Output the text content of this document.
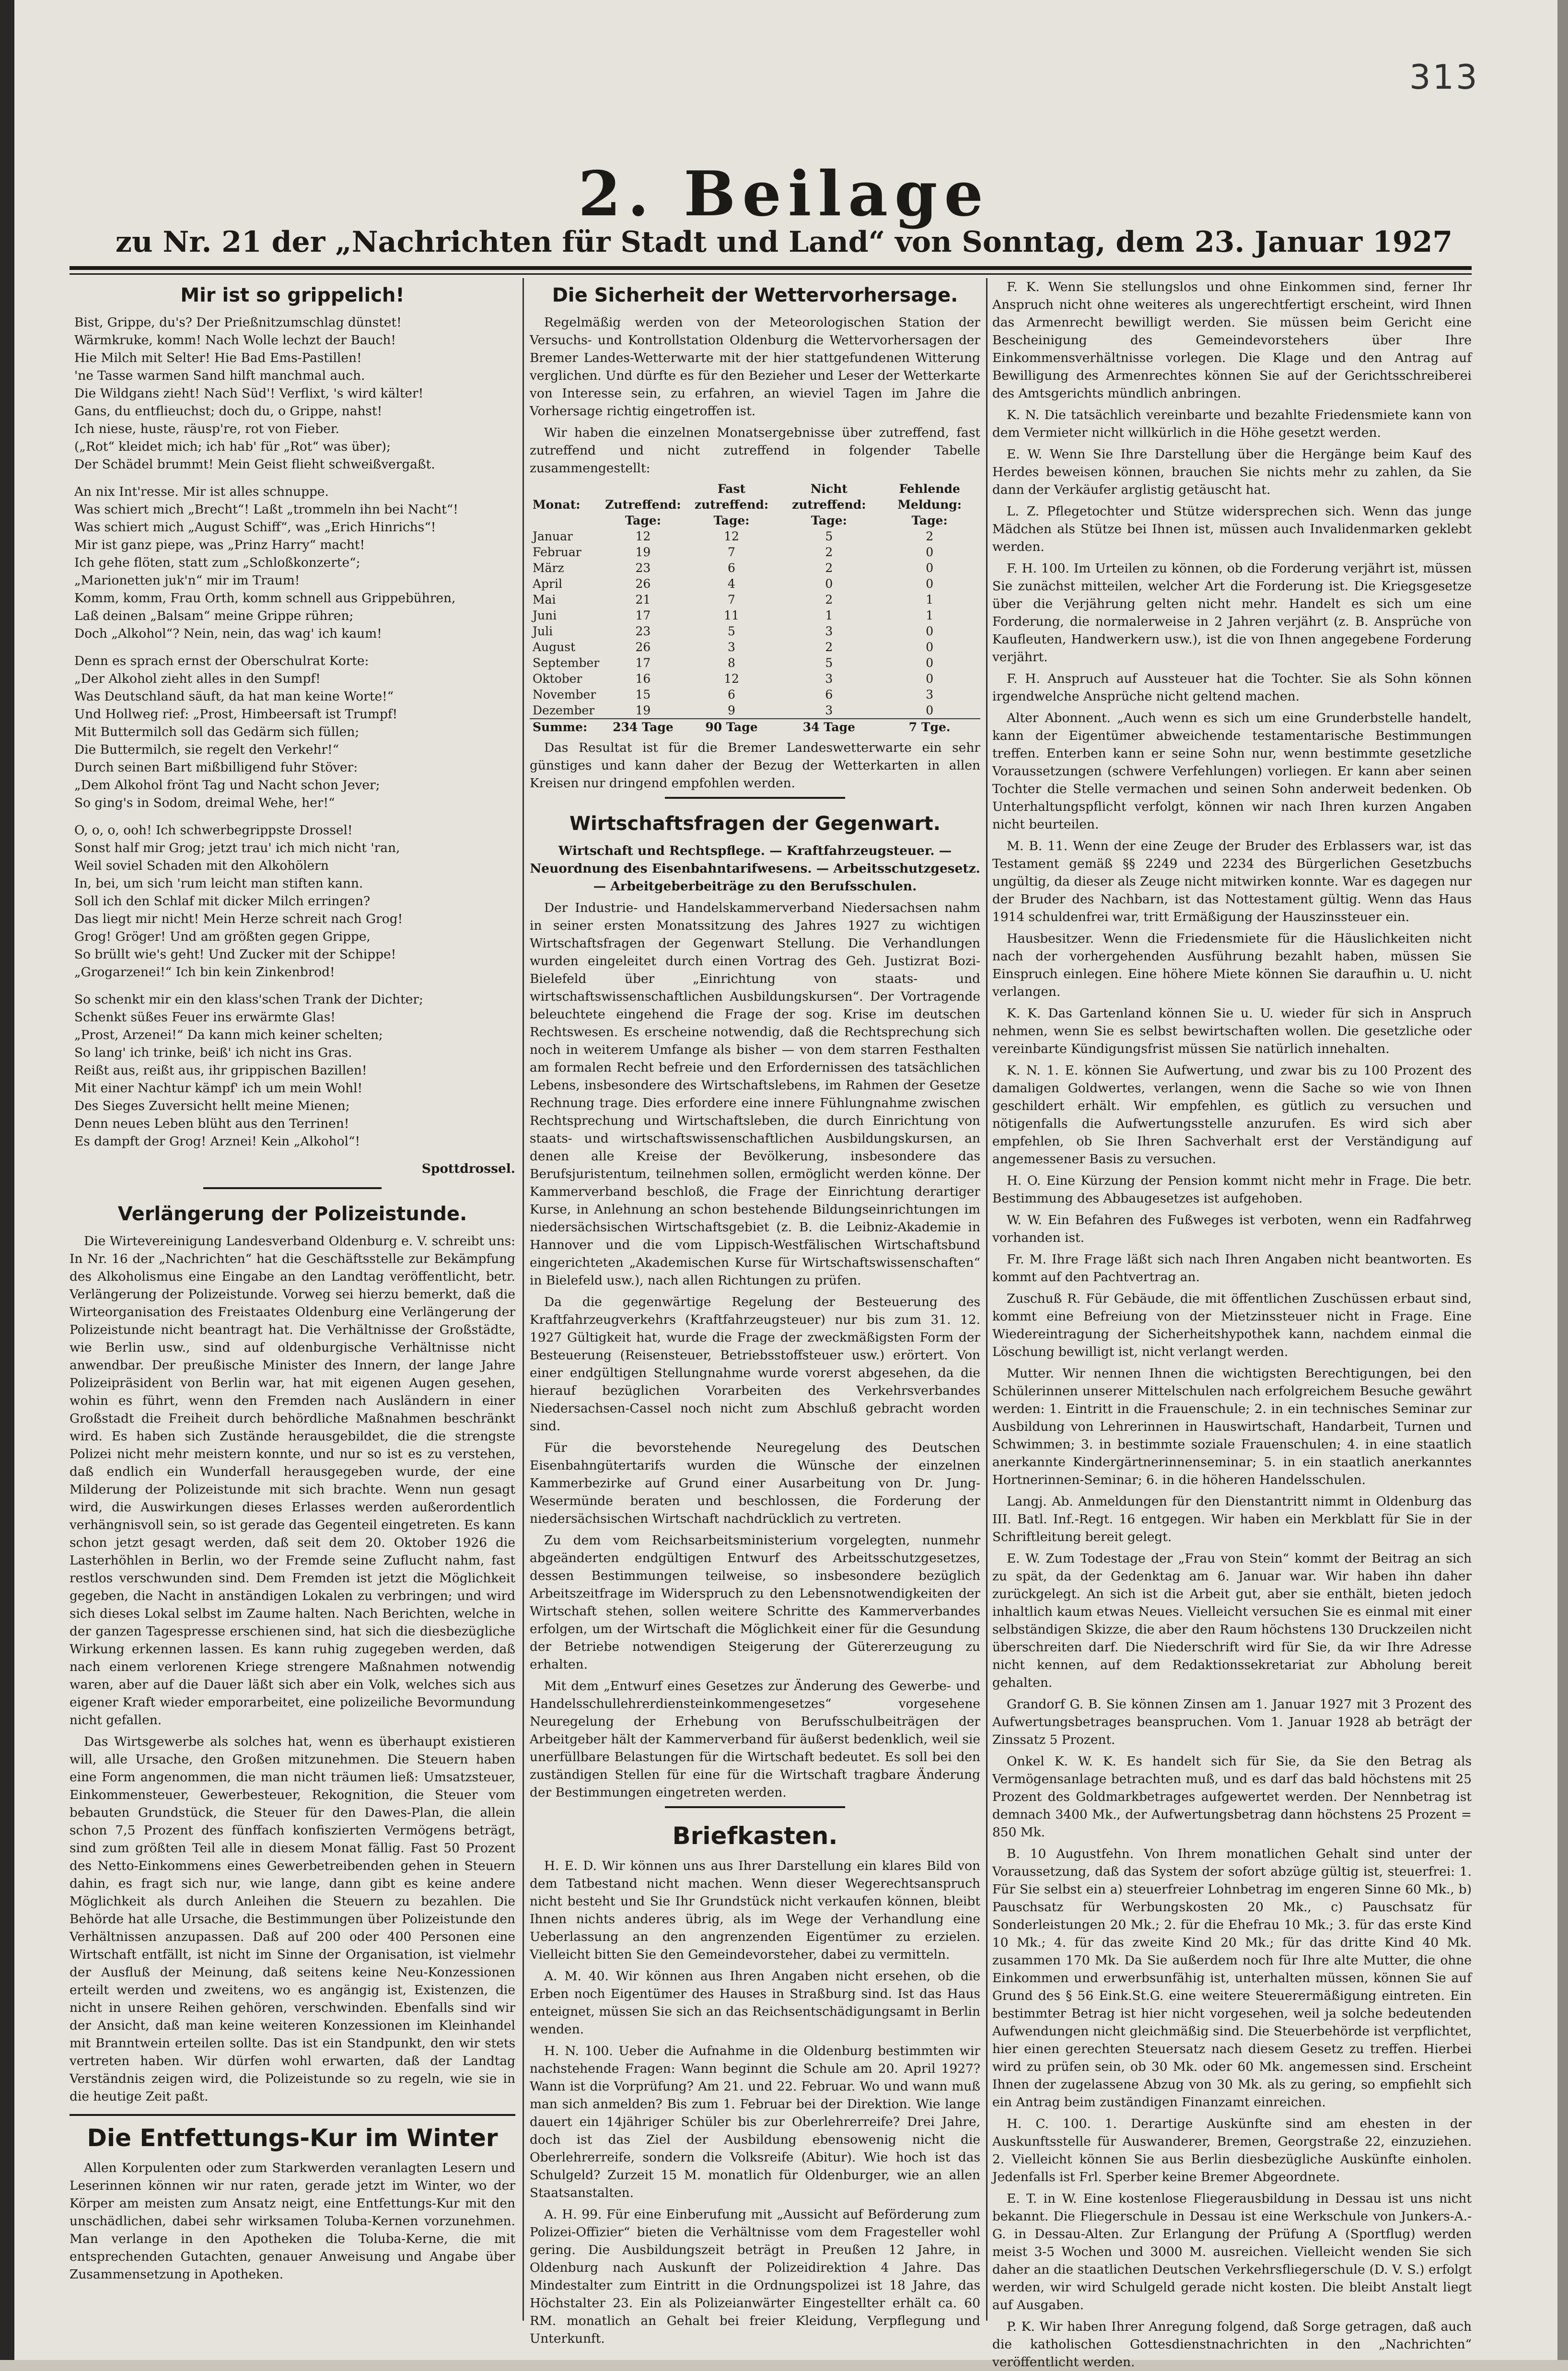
313
2. Beilage
zu Nr. 21 der „Nachrichten für Stadt und Land“ von Sonntag, dem 23. Januar 1927
Mir ist so grippelich!

Bist, Grippe, du's? Der Prießnitzumschlag dünstet!
Wärmkruke, komm! Nach Wolle lechzt der Bauch!
Hie Milch mit Selter! Hie Bad Ems-Pastillen!
'ne Tasse warmen Sand hilft manchmal auch.
Die Wildgans zieht! Nach Süd'! Verflixt, 's wird kälter!
Gans, du entflieuchst; doch du, o Grippe, nahst!
Ich niese, huste, räusp're, rot von Fieber.
(„Rot“ kleidet mich; ich hab' für „Rot“ was über);
Der Schädel brummt! Mein Geist flieht schweißvergaßt.

An nix Int'resse. Mir ist alles schnuppe.
Was schiert mich „Brecht“! Laßt „trommeln ihn bei Nacht“!
Was schiert mich „August Schiff“, was „Erich Hinrichs“!
Mir ist ganz piepe, was „Prinz Harry“ macht!
Ich gehe flöten, statt zum „Schloßkonzerte“;
„Marionetten juk'n“ mir im Traum!
Komm, komm, Frau Orth, komm schnell aus Grippebühren,
Laß deinen „Balsam“ meine Grippe rühren;
Doch „Alkohol“? Nein, nein, das wag' ich kaum!

Denn es sprach ernst der Oberschulrat Korte:
„Der Alkohol zieht alles in den Sumpf!
Was Deutschland säuft, da hat man keine Worte!“
Und Hollweg rief: „Prost, Himbeersaft ist Trumpf!
Mit Buttermilch soll das Gedärm sich füllen;
Die Buttermilch, sie regelt den Verkehr!“
Durch seinen Bart mißbilligend fuhr Stöver:
„Dem Alkohol frönt Tag und Nacht schon Jever;
So ging's in Sodom, dreimal Wehe, her!“

O, o, o, ooh! Ich schwerbegrippste Drossel!
Sonst half mir Grog; jetzt trau' ich mich nicht 'ran,
Weil soviel Schaden mit den Alkohölern
In, bei, um sich 'rum leicht man stiften kann.
Soll ich den Schlaf mit dicker Milch erringen?
Das liegt mir nicht! Mein Herze schreit nach Grog!
Grog! Gröger! Und am größten gegen Grippe,
So brüllt wie's geht! Und Zucker mit der Schippe!
„Grogarzenei!“ Ich bin kein Zinkenbrod!

So schenkt mir ein den klass'schen Trank der Dichter;
Schenkt süßes Feuer ins erwärmte Glas!
„Prost, Arzenei!“ Da kann mich keiner schelten;
So lang' ich trinke, beiß' ich nicht ins Gras.
Reißt aus, reißt aus, ihr grippischen Bazillen!
Mit einer Nachtur kämpf' ich um mein Wohl!
Des Sieges Zuversicht hellt meine Mienen;
Denn neues Leben blüht aus den Terrinen!
Es dampft der Grog! Arznei! Kein „Alkohol“!

Spottdrossel.
Verlängerung der Polizeistunde.

Die Wirtevereinigung Landesverband Oldenburg e. V. schreibt uns: In Nr. 16 der „Nachrichten“ hat die Geschäftsstelle zur Bekämpfung des Alkoholismus eine Eingabe an den Landtag veröffentlicht, betr. Verlängerung der Polizeistunde. Vorweg sei hierzu bemerkt, daß die Wirteorganisation des Freistaates Oldenburg eine Verlängerung der Polizeistunde nicht beantragt hat. Die Verhältnisse der Großstädte, wie Berlin usw., sind auf oldenburgische Verhältnisse nicht anwendbar. Der preußische Minister des Innern, der lange Jahre Polizeipräsident von Berlin war, hat mit eigenen Augen gesehen, wohin es führt, wenn den Fremden nach Ausländern in einer Großstadt die Freiheit durch behördliche Maßnahmen beschränkt wird. Es haben sich Zustände herausgebildet, die die strengste Polizei nicht mehr meistern konnte, und nur so ist es zu verstehen, daß endlich ein Wunderfall herausgegeben wurde, der eine Milderung der Polizeistunde mit sich brachte. Wenn nun gesagt wird, die Auswirkungen dieses Erlasses werden außerordentlich verhängnisvoll sein, so ist gerade das Gegenteil eingetreten. Es kann schon jetzt gesagt werden, daß seit dem 20. Oktober 1926 die Lasterhöhlen in Berlin, wo der Fremde seine Zuflucht nahm, fast restlos verschwunden sind. Dem Fremden ist jetzt die Möglichkeit gegeben, die Nacht in anständigen Lokalen zu verbringen; und wird sich dieses Lokal selbst im Zaume halten. Nach Berichten, welche in der ganzen Tagespresse erschienen sind, hat sich die diesbezügliche Wirkung erkennen lassen. Es kann ruhig zugegeben werden, daß nach einem verlorenen Kriege strengere Maßnahmen notwendig waren, aber auf die Dauer läßt sich aber ein Volk, welches sich aus eigener Kraft wieder emporarbeitet, eine polizeiliche Bevormundung nicht gefallen.

Das Wirtsgewerbe als solches hat, wenn es überhaupt existieren will, alle Ursache, den Großen mitzunehmen. Die Steuern haben eine Form angenommen, die man nicht träumen ließ: Umsatzsteuer, Einkommensteuer, Gewerbesteuer, Rekognition, die Steuer vom bebauten Grundstück, die Steuer für den Dawes-Plan, die allein schon 7,5 Prozent des fünffach konfiszierten Vermögens beträgt, sind zum größten Teil alle in diesem Monat fällig. Fast 50 Prozent des Netto-Einkommens eines Gewerbetreibenden gehen in Steuern dahin, es fragt sich nur, wie lange, dann gibt es keine andere Möglichkeit als durch Anleihen die Steuern zu bezahlen. Die Behörde hat alle Ursache, die Bestimmungen über Polizeistunde den Verhältnissen anzupassen. Daß auf 200 oder 400 Personen eine Wirtschaft entfällt, ist nicht im Sinne der Organisation, ist vielmehr der Ausfluß der Meinung, daß seitens keine Neu-Konzessionen erteilt werden und zweitens, wo es angängig ist, Existenzen, die nicht in unsere Reihen gehören, verschwinden. Ebenfalls sind wir der Ansicht, daß man keine weiteren Konzessionen im Kleinhandel mit Branntwein erteilen sollte. Das ist ein Standpunkt, den wir stets vertreten haben. Wir dürfen wohl erwarten, daß der Landtag Verständnis zeigen wird, die Polizeistunde so zu regeln, wie sie in die heutige Zeit paßt.

Die Entfettungs-Kur im Winter

Allen Korpulenten oder zum Starkwerden veranlagten Lesern und Leserinnen können wir nur raten, gerade jetzt im Winter, wo der Körper am meisten zum Ansatz neigt, eine Entfettungs-Kur mit den unschädlichen, dabei sehr wirksamen Toluba-Kernen vorzunehmen. Man verlange in den Apotheken die Toluba-Kerne, die mit entsprechenden Gutachten, genauer Anweisung und Angabe über Zusammensetzung in Apotheken.

Die Sicherheit der Wettervorhersage.

Regelmäßig werden von der Meteorologischen Station der Versuchs- und Kontrollstation Oldenburg die Wettervorhersagen der Bremer Landes-Wetterwarte mit der hier stattgefundenen Witterung verglichen. Und dürfte es für den Bezieher und Leser der Wetterkarte von Interesse sein, zu erfahren, an wieviel Tagen im Jahre die Vorhersage richtig eingetroffen ist.

Wir haben die einzelnen Monatsergebnisse über zutreffend, fast zutreffend und nicht zutreffend in folgender Tabelle zusammengestellt:

Monat:	Zutreffend:	Fast zutreffend:	Nicht zutreffend:	Fehlende Meldung:
	Tage:	Tage:	Tage:	Tage:
Januar	12	12	5	2
Februar	19	7	2	0
März	23	6	2	0
April	26	4	0	0
Mai	21	7	2	1
Juni	17	11	1	1
Juli	23	5	3	0
August	26	3	2	0
September	17	8	5	0
Oktober	16	12	3	0
November	15	6	6	3
Dezember	19	9	3	0
Summe:	234 Tage	90 Tage	34 Tage	7 Tge.

Das Resultat ist für die Bremer Landeswetterwarte ein sehr günstiges und kann daher der Bezug der Wetterkarten in allen Kreisen nur dringend empfohlen werden.

Wirtschaftsfragen der Gegenwart.
Wirtschaft und Rechtspflege. — Kraftfahrzeugsteuer. — Neuordnung des Eisenbahntarifwesens. — Arbeitsschutzgesetz. — Arbeitgeberbeiträge zu den Berufsschulen.

Der Industrie- und Handelskammerverband Niedersachsen nahm in seiner ersten Monatssitzung des Jahres 1927 zu wichtigen Wirtschaftsfragen der Gegenwart Stellung. Die Verhandlungen wurden eingeleitet durch einen Vortrag des Geh. Justizrat Bozi-Bielefeld über „Einrichtung von staats- und wirtschaftswissenschaftlichen Ausbildungskursen“. Der Vortragende beleuchtete eingehend die Frage der sog. Krise im deutschen Rechtswesen. Es erscheine notwendig, daß die Rechtsprechung sich noch in weiterem Umfange als bisher — von dem starren Festhalten am formalen Recht befreie und den Erfordernissen des tatsächlichen Lebens, insbesondere des Wirtschaftslebens, im Rahmen der Gesetze Rechnung trage. Dies erfordere eine innere Fühlungnahme zwischen Rechtsprechung und Wirtschaftsleben, die durch Einrichtung von staats- und wirtschaftswissenschaftlichen Ausbildungskursen, an denen alle Kreise der Bevölkerung, insbesondere das Berufsjuristentum, teilnehmen sollen, ermöglicht werden könne. Der Kammerverband beschloß, die Frage der Einrichtung derartiger Kurse, in Anlehnung an schon bestehende Bildungseinrichtungen im niedersächsischen Wirtschaftsgebiet (z. B. die Leibniz-Akademie in Hannover und die vom Lippisch-Westfälischen Wirtschaftsbund eingerichteten „Akademischen Kurse für Wirtschaftswissenschaften“ in Bielefeld usw.), nach allen Richtungen zu prüfen.

Da die gegenwärtige Regelung der Besteuerung des Kraftfahrzeugverkehrs (Kraftfahrzeugsteuer) nur bis zum 31. 12. 1927 Gültigkeit hat, wurde die Frage der zweckmäßigsten Form der Besteuerung (Reisensteuer, Betriebsstoffsteuer usw.) erörtert. Von einer endgültigen Stellungnahme wurde vorerst abgesehen, da die hierauf bezüglichen Vorarbeiten des Verkehrsverbandes Niedersachsen-Cassel noch nicht zum Abschluß gebracht worden sind.

Für die bevorstehende Neuregelung des Deutschen Eisenbahngütertarifs wurden die Wünsche der einzelnen Kammerbezirke auf Grund einer Ausarbeitung von Dr. Jung-Wesermünde beraten und beschlossen, die Forderung der niedersächsischen Wirtschaft nachdrücklich zu vertreten.

Zu dem vom Reichsarbeitsministerium vorgelegten, nunmehr abgeänderten endgültigen Entwurf des Arbeitsschutzgesetzes, dessen Bestimmungen teilweise, so insbesondere bezüglich Arbeitszeitfrage im Widerspruch zu den Lebensnotwendigkeiten der Wirtschaft stehen, sollen weitere Schritte des Kammerverbandes erfolgen, um der Wirtschaft die Möglichkeit einer für die Gesundung der Betriebe notwendigen Steigerung der Gütererzeugung zu erhalten.

Mit dem „Entwurf eines Gesetzes zur Änderung des Gewerbe- und Handelsschullehrerdiensteinkommengesetzes“ vorgesehene Neuregelung der Erhebung von Berufsschulbeiträgen der Arbeitgeber hält der Kammerverband für äußerst bedenklich, weil sie unerfüllbare Belastungen für die Wirtschaft bedeutet. Es soll bei den zuständigen Stellen für eine für die Wirtschaft tragbare Änderung der Bestimmungen eingetreten werden.

Briefkasten.

H. E. D. Wir können uns aus Ihrer Darstellung ein klares Bild von dem Tatbestand nicht machen. Wenn dieser Wegerechtsanspruch nicht besteht und Sie Ihr Grundstück nicht verkaufen können, bleibt Ihnen nichts anderes übrig, als im Wege der Verhandlung eine Ueberlassung an den angrenzenden Eigentümer zu erzielen. Vielleicht bitten Sie den Gemeindevorsteher, dabei zu vermitteln.

A. M. 40. Wir können aus Ihren Angaben nicht ersehen, ob die Erben noch Eigentümer des Hauses in Straßburg sind. Ist das Haus enteignet, müssen Sie sich an das Reichsentschädigungsamt in Berlin wenden.

H. N. 100. Ueber die Aufnahme in die Oldenburg bestimmten wir nachstehende Fragen: Wann beginnt die Schule am 20. April 1927? Wann ist die Vorprüfung? Am 21. und 22. Februar. Wo und wann muß man sich anmelden? Bis zum 1. Februar bei der Direktion. Wie lange dauert ein 14jähriger Schüler bis zur Oberlehrerreife? Drei Jahre, doch ist das Ziel der Ausbildung ebensowenig nicht die Oberlehrerreife, sondern die Volksreife (Abitur). Wie hoch ist das Schulgeld? Zurzeit 15 M. monatlich für Oldenburger, wie an allen Staatsanstalten.

A. H. 99. Für eine Einberufung mit „Aussicht auf Beförderung zum Polizei-Offizier“ bieten die Verhältnisse vom dem Fragesteller wohl gering. Die Ausbildungszeit beträgt in Preußen 12 Jahre, in Oldenburg nach Auskunft der Polizeidirektion 4 Jahre. Das Mindestalter zum Eintritt in die Ordnungspolizei ist 18 Jahre, das Höchstalter 23. Ein als Polizeianwärter Eingestellter erhält ca. 60 RM. monatlich an Gehalt bei freier Kleidung, Verpflegung und Unterkunft.

F. K. Wenn Sie stellungslos und ohne Einkommen sind, ferner Ihr Anspruch nicht ohne weiteres als ungerechtfertigt erscheint, wird Ihnen das Armenrecht bewilligt werden. Sie müssen beim Gericht eine Bescheinigung des Gemeindevorstehers über Ihre Einkommensverhältnisse vorlegen. Die Klage und den Antrag auf Bewilligung des Armenrechtes können Sie auf der Gerichtsschreiberei des Amtsgerichts mündlich anbringen.

K. N. Die tatsächlich vereinbarte und bezahlte Friedensmiete kann von dem Vermieter nicht willkürlich in die Höhe gesetzt werden.

E. W. Wenn Sie Ihre Darstellung über die Hergänge beim Kauf des Herdes beweisen können, brauchen Sie nichts mehr zu zahlen, da Sie dann der Verkäufer arglistig getäuscht hat.

L. Z. Pflegetochter und Stütze widersprechen sich. Wenn das junge Mädchen als Stütze bei Ihnen ist, müssen auch Invalidenmarken geklebt werden.

F. H. 100. Im Urteilen zu können, ob die Forderung verjährt ist, müssen Sie zunächst mitteilen, welcher Art die Forderung ist. Die Kriegsgesetze über die Verjährung gelten nicht mehr. Handelt es sich um eine Forderung, die normalerweise in 2 Jahren verjährt (z. B. Ansprüche von Kaufleuten, Handwerkern usw.), ist die von Ihnen angegebene Forderung verjährt.

F. H. Anspruch auf Aussteuer hat die Tochter. Sie als Sohn können irgendwelche Ansprüche nicht geltend machen.

Alter Abonnent. „Auch wenn es sich um eine Grunderbstelle handelt, kann der Eigentümer abweichende testamentarische Bestimmungen treffen. Enterben kann er seine Sohn nur, wenn bestimmte gesetzliche Voraussetzungen (schwere Verfehlungen) vorliegen. Er kann aber seinen Tochter die Stelle vermachen und seinen Sohn anderweit bedenken. Ob Unterhaltungspflicht verfolgt, können wir nach Ihren kurzen Angaben nicht beurteilen.

M. B. 11. Wenn der eine Zeuge der Bruder des Erblassers war, ist das Testament gemäß §§ 2249 und 2234 des Bürgerlichen Gesetzbuchs ungültig, da dieser als Zeuge nicht mitwirken konnte. War es dagegen nur der Bruder des Nachbarn, ist das Nottestament gültig. Wenn das Haus 1914 schuldenfrei war, tritt Ermäßigung der Hauszinssteuer ein.

Hausbesitzer. Wenn die Friedensmiete für die Häuslichkeiten nicht nach der vorhergehenden Ausführung bezahlt haben, müssen Sie Einspruch einlegen. Eine höhere Miete können Sie daraufhin u. U. nicht verlangen.

K. K. Das Gartenland können Sie u. U. wieder für sich in Anspruch nehmen, wenn Sie es selbst bewirtschaften wollen. Die gesetzliche oder vereinbarte Kündigungsfrist müssen Sie natürlich innehalten.

K. N. 1. E. können Sie Aufwertung, und zwar bis zu 100 Prozent des damaligen Goldwertes, verlangen, wenn die Sache so wie von Ihnen geschildert erhält. Wir empfehlen, es gütlich zu versuchen und nötigenfalls die Aufwertungsstelle anzurufen. Es wird sich aber empfehlen, ob Sie Ihren Sachverhalt erst der Verständigung auf angemessener Basis zu versuchen.

H. O. Eine Kürzung der Pension kommt nicht mehr in Frage. Die betr. Bestimmung des Abbaugesetzes ist aufgehoben.

W. W. Ein Befahren des Fußweges ist verboten, wenn ein Radfahrweg vorhanden ist.

Fr. M. Ihre Frage läßt sich nach Ihren Angaben nicht beantworten. Es kommt auf den Pachtvertrag an.

Zuschuß R. Für Gebäude, die mit öffentlichen Zuschüssen erbaut sind, kommt eine Befreiung von der Mietzinssteuer nicht in Frage. Eine Wiedereintragung der Sicherheitshypothek kann, nachdem einmal die Löschung bewilligt ist, nicht verlangt werden.

Mutter. Wir nennen Ihnen die wichtigsten Berechtigungen, bei den Schülerinnen unserer Mittelschulen nach erfolgreichem Besuche gewährt werden: 1. Eintritt in die Frauenschule; 2. in ein technisches Seminar zur Ausbildung von Lehrerinnen in Hauswirtschaft, Handarbeit, Turnen und Schwimmen; 3. in bestimmte soziale Frauenschulen; 4. in eine staatlich anerkannte Kindergärtnerinnenseminar; 5. in ein staatlich anerkanntes Hortnerinnen-Seminar; 6. in die höheren Handelsschulen.

Langj. Ab. Anmeldungen für den Dienstantritt nimmt in Oldenburg das III. Batl. Inf.-Regt. 16 entgegen. Wir haben ein Merkblatt für Sie in der Schriftleitung bereit gelegt.

E. W. Zum Todestage der „Frau von Stein“ kommt der Beitrag an sich zu spät, da der Gedenktag am 6. Januar war. Wir haben ihn daher zurückgelegt. An sich ist die Arbeit gut, aber sie enthält, bieten jedoch inhaltlich kaum etwas Neues. Vielleicht versuchen Sie es einmal mit einer selbständigen Skizze, die aber den Raum höchstens 130 Druckzeilen nicht überschreiten darf. Die Niederschrift wird für Sie, da wir Ihre Adresse nicht kennen, auf dem Redaktionssekretariat zur Abholung bereit gehalten.

Grandorf G. B. Sie können Zinsen am 1. Januar 1927 mit 3 Prozent des Aufwertungsbetrages beanspruchen. Vom 1. Januar 1928 ab beträgt der Zinssatz 5 Prozent.

Onkel K. W. K. Es handelt sich für Sie, da Sie den Betrag als Vermögensanlage betrachten muß, und es darf das bald höchstens mit 25 Prozent des Goldmarkbetrages aufgewertet werden. Der Nennbetrag ist demnach 3400 Mk., der Aufwertungsbetrag dann höchstens 25 Prozent = 850 Mk.

B. 10 Augustfehn. Von Ihrem monatlichen Gehalt sind unter der Voraussetzung, daß das System der sofort abzüge gültig ist, steuerfrei: 1. Für Sie selbst ein a) steuerfreier Lohnbetrag im engeren Sinne 60 Mk., b) Pauschsatz für Werbungskosten 20 Mk., c) Pauschsatz für Sonderleistungen 20 Mk.; 2. für die Ehefrau 10 Mk.; 3. für das erste Kind 10 Mk.; 4. für das zweite Kind 20 Mk.; für das dritte Kind 40 Mk. zusammen 170 Mk. Da Sie außerdem noch für Ihre alte Mutter, die ohne Einkommen und erwerbsunfähig ist, unterhalten müssen, können Sie auf Grund des § 56 Eink.St.G. eine weitere Steuerermäßigung eintreten. Ein bestimmter Betrag ist hier nicht vorgesehen, weil ja solche bedeutenden Aufwendungen nicht gleichmäßig sind. Die Steuerbehörde ist verpflichtet, hier einen gerechten Steuersatz nach diesem Gesetz zu treffen. Hierbei wird zu prüfen sein, ob 30 Mk. oder 60 Mk. angemessen sind. Erscheint Ihnen der zugelassene Abzug von 30 Mk. als zu gering, so empfiehlt sich ein Antrag beim zuständigen Finanzamt einreichen.

H. C. 100. 1. Derartige Auskünfte sind am ehesten in der Auskunftsstelle für Auswanderer, Bremen, Georgstraße 22, einzuziehen. 2. Vielleicht können Sie aus Berlin diesbezügliche Auskünfte einholen. Jedenfalls ist Frl. Sperber keine Bremer Abgeordnete.

E. T. in W. Eine kostenlose Fliegerausbildung in Dessau ist uns nicht bekannt. Die Fliegerschule in Dessau ist eine Werkschule von Junkers-A.-G. in Dessau-Alten. Zur Erlangung der Prüfung A (Sportflug) werden meist 3-5 Wochen und 3000 M. ausreichen. Vielleicht wenden Sie sich daher an die staatlichen Deutschen Verkehrsfliegerschule (D. V. S.) erfolgt werden, wir wird Schulgeld gerade nicht kosten. Die bleibt Anstalt liegt auf Ausgaben.

P. K. Wir haben Ihrer Anregung folgend, daß Sorge getragen, daß auch die katholischen Gottesdienstnachrichten in den „Nachrichten“ veröffentlicht werden.
